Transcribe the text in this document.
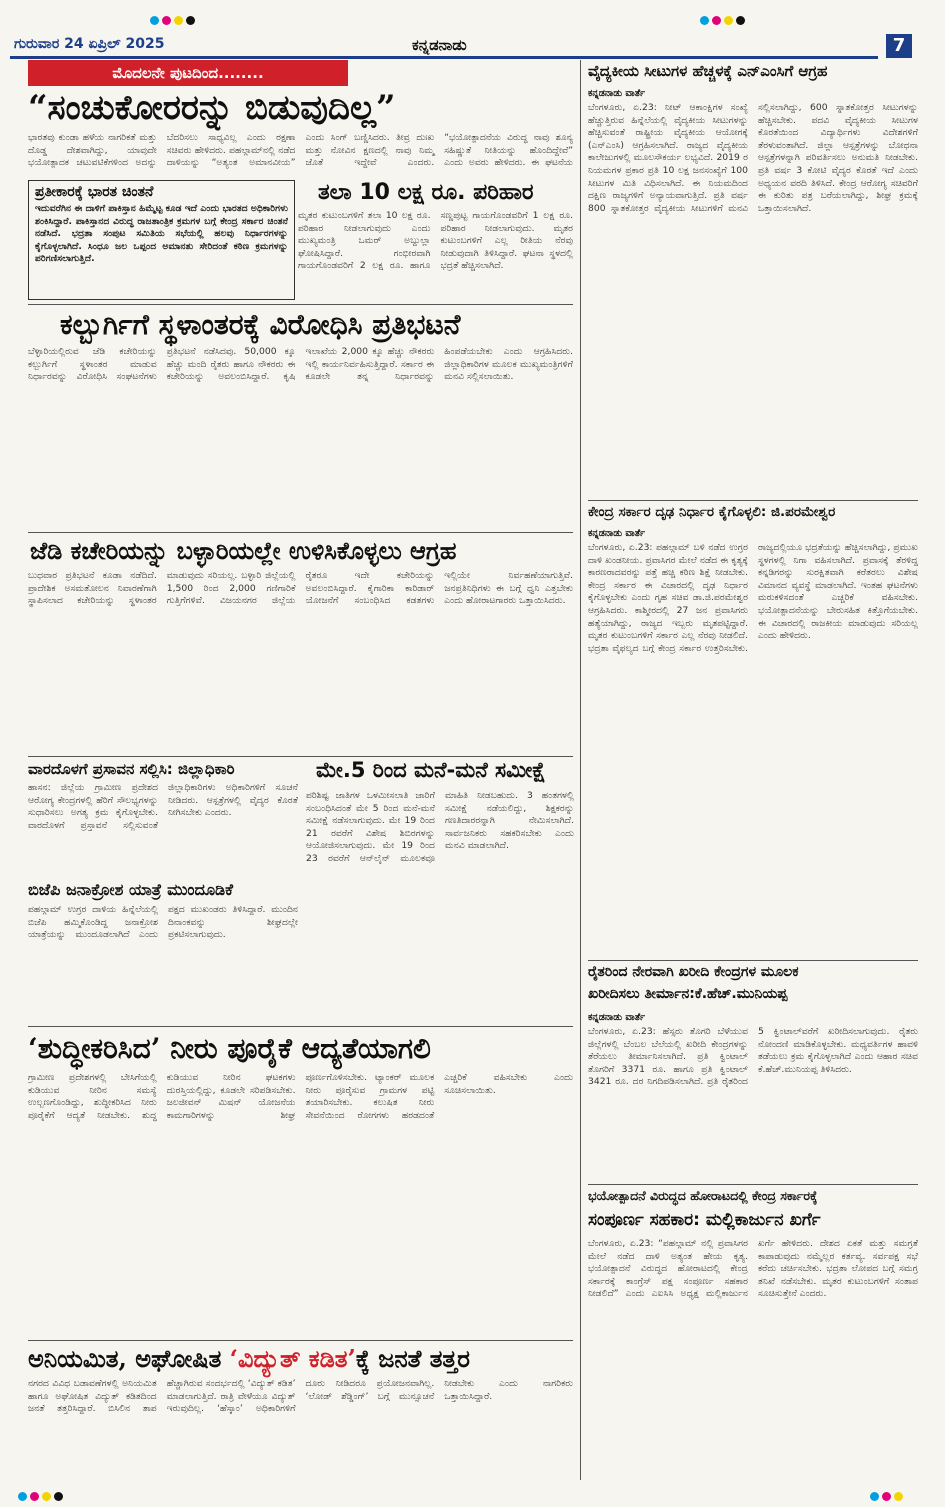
ಗುರುವಾರ 24 ಏಪ್ರಿಲ್ 2025	ಕನ್ನಡನಾಡು	7
ಮೊದಲನೇ ಪುಟದಿಂದ........
“ಸಂಚುಕೋರರನ್ನು ಬಿಡುವುದಿಲ್ಲ”
ಭಾರತವು ಕುಂಡಾ ಹಳೆಯ ನಾಗರಿಕತೆ ಮತ್ತು ದೊಡ್ಡ ದೇಶವಾಗಿದ್ದು, ಯಾವುದೇ ಭಯೋತ್ಪಾದಕ ಚಟುವಟಿಕೆಗಳಿಂದ ಅದನ್ನು ಬೆದರಿಸಲು ಸಾಧ್ಯವಿಲ್ಲ ಎಂದು ರಕ್ಷಣಾ ಸಚಿವರು ಹೇಳಿದರು. ಪಹಲ್ಗಾಮ್‌ನಲ್ಲಿ ನಡೆದ ದಾಳಿಯನ್ನು “ಅತ್ಯಂತ ಅಮಾನವೀಯ” ಎಂದು ಸಿಂಗ್ ಬಣ್ಣಿಸಿದರು. ತೀವ್ರ ದುಃಖ ಮತ್ತು ನೋವಿನ ಕ್ಷಣದಲ್ಲಿ ನಾವು ನಿಮ್ಮ ಜೊತೆ ಇದ್ದೇವೆ ಎಂದರು. “ಭಯೋತ್ಪಾದನೆಯ ವಿರುದ್ಧ ನಾವು ಶೂನ್ಯ ಸಹಿಷ್ಣುತೆ ನೀತಿಯನ್ನು ಹೊಂದಿದ್ದೇವೆ” ಎಂದು ಅವರು ಹೇಳಿದರು. ಈ ಘಟನೆಯ
ಪ್ರತೀಕಾರಕ್ಕೆ ಭಾರತ ಚಿಂತನೆ
ಇದುವರೆಗಿನ ಈ ದಾಳಿಗೆ ಪಾಕಿಸ್ತಾನ ಹಿಮ್ಮೆಟ್ಟ ಕೂಡ ಇದೆ ಎಂದು ಭಾರತದ ಅಧಿಕಾರಿಗಳು ಶಂಕಿಸಿದ್ದಾರೆ. ಪಾಕಿಸ್ತಾನದ ವಿರುದ್ಧ ರಾಜತಾಂತ್ರಿಕ ಕ್ರಮಗಳ ಬಗ್ಗೆ ಕೇಂದ್ರ ಸರ್ಕಾರ ಚಿಂತನೆ ನಡೆಸಿದೆ. ಭದ್ರತಾ ಸಂಪುಟ ಸಮಿತಿಯ ಸಭೆಯಲ್ಲಿ ಹಲವು ನಿರ್ಧಾರಗಳನ್ನು ಕೈಗೊಳ್ಳಲಾಗಿದೆ. ಸಿಂಧೂ ಜಲ ಒಪ್ಪಂದ ಅಮಾನತು ಸೇರಿದಂತೆ ಕಠಿಣ ಕ್ರಮಗಳನ್ನು ಪರಿಗಣಿಸಲಾಗುತ್ತಿದೆ.
ತಲಾ 10 ಲಕ್ಷ ರೂ. ಪರಿಹಾರ
ಮೃತರ ಕುಟುಂಬಗಳಿಗೆ ತಲಾ 10 ಲಕ್ಷ ರೂ. ಪರಿಹಾರ ನೀಡಲಾಗುವುದು ಎಂದು ಮುಖ್ಯಮಂತ್ರಿ ಒಮರ್ ಅಬ್ದುಲ್ಲಾ ಘೋಷಿಸಿದ್ದಾರೆ. ಗಂಭೀರವಾಗಿ ಗಾಯಗೊಂಡವರಿಗೆ 2 ಲಕ್ಷ ರೂ. ಹಾಗೂ ಸಣ್ಣಪುಟ್ಟ ಗಾಯಗೊಂಡವರಿಗೆ 1 ಲಕ್ಷ ರೂ. ಪರಿಹಾರ ನೀಡಲಾಗುವುದು. ಮೃತರ ಕುಟುಂಬಗಳಿಗೆ ಎಲ್ಲ ರೀತಿಯ ನೆರವು ನೀಡುವುದಾಗಿ ತಿಳಿಸಿದ್ದಾರೆ. ಘಟನಾ ಸ್ಥಳದಲ್ಲಿ ಭದ್ರತೆ ಹೆಚ್ಚಿಸಲಾಗಿದೆ.
ಕಲ್ಬುರ್ಗಿಗೆ ಸ್ಥಳಾಂತರಕ್ಕೆ ವಿರೋಧಿಸಿ ಪ್ರತಿಭಟನೆ
ಬೆಳ್ಳಾರಿಯಲ್ಲಿರುವ ಜೆಡಿ ಕಚೇರಿಯನ್ನು ಕಲ್ಬುರ್ಗಿಗೆ ಸ್ಥಳಾಂತರ ಮಾಡುವ ನಿರ್ಧಾರವನ್ನು ವಿರೋಧಿಸಿ ಸಂಘಟನೆಗಳು ಪ್ರತಿಭಟನೆ ನಡೆಸಿದವು. 50,000 ಕ್ಕೂ ಹೆಚ್ಚು ಮಂದಿ ರೈತರು ಹಾಗೂ ನೌಕರರು ಈ ಕಚೇರಿಯನ್ನು ಅವಲಂಬಿಸಿದ್ದಾರೆ. ಕೃಷಿ ಇಲಾಖೆಯ 2,000 ಕ್ಕೂ ಹೆಚ್ಚು ನೌಕರರು ಇಲ್ಲಿ ಕಾರ್ಯನಿರ್ವಹಿಸುತ್ತಿದ್ದಾರೆ. ಸರ್ಕಾರ ಈ ಕೂಡಲೇ ತನ್ನ ನಿರ್ಧಾರವನ್ನು ಹಿಂಪಡೆಯಬೇಕು ಎಂದು ಆಗ್ರಹಿಸಿದರು. ಜಿಲ್ಲಾಧಿಕಾರಿಗಳ ಮೂಲಕ ಮುಖ್ಯಮಂತ್ರಿಗಳಿಗೆ ಮನವಿ ಸಲ್ಲಿಸಲಾಯಿತು.
ಜೆಡಿ ಕಚೇರಿಯನ್ನು ಬಳ್ಳಾರಿಯಲ್ಲೇ ಉಳಿಸಿಕೊಳ್ಳಲು ಆಗ್ರಹ
ಬುಧವಾರ ಪ್ರತಿಭಟನೆ ಕೂಡಾ ನಡೆದಿದೆ. ಪ್ರಾದೇಶಿಕ ಅಸಮತೋಲನ ನಿವಾರಣೆಗಾಗಿ ಸ್ಥಾಪಿಸಲಾದ ಕಚೇರಿಯನ್ನು ಸ್ಥಳಾಂತರ ಮಾಡುವುದು ಸರಿಯಲ್ಲ. ಬಳ್ಳಾರಿ ಜಿಲ್ಲೆಯಲ್ಲಿ 1,500 ರಿಂದ 2,000 ಗಣಿಗಾರಿಕೆ ಗುತ್ತಿಗೆಗಳಿವೆ. ವಿಜಯನಗರ ಜಿಲ್ಲೆಯ ರೈತರೂ ಇದೇ ಕಚೇರಿಯನ್ನು ಅವಲಂಬಿಸಿದ್ದಾರೆ. ಕೈಗಾರಿಕಾ ಕಾರಿಡಾರ್ ಯೋಜನೆಗೆ ಸಂಬಂಧಿಸಿದ ಕಡತಗಳು ಇಲ್ಲಿಯೇ ನಿರ್ವಹಣೆಯಾಗುತ್ತಿವೆ. ಜನಪ್ರತಿನಿಧಿಗಳು ಈ ಬಗ್ಗೆ ಧ್ವನಿ ಎತ್ತಬೇಕು ಎಂದು ಹೋರಾಟಗಾರರು ಒತ್ತಾಯಿಸಿದರು.
ವಾರದೊಳಗೆ ಪ್ರಸಾವನ ಸಲ್ಲಿಸಿ: ಜಿಲ್ಲಾಧಿಕಾರಿ
ಹಾಸನ: ಜಿಲ್ಲೆಯ ಗ್ರಾಮೀಣ ಪ್ರದೇಶದ ಆರೋಗ್ಯ ಕೇಂದ್ರಗಳಲ್ಲಿ ಹೆರಿಗೆ ಸೌಲಭ್ಯಗಳನ್ನು ಸುಧಾರಿಸಲು ಅಗತ್ಯ ಕ್ರಮ ಕೈಗೊಳ್ಳಬೇಕು. ವಾರದೊಳಗೆ ಪ್ರಸ್ತಾವನೆ ಸಲ್ಲಿಸುವಂತೆ ಜಿಲ್ಲಾಧಿಕಾರಿಗಳು ಅಧಿಕಾರಿಗಳಿಗೆ ಸೂಚನೆ ನೀಡಿದರು. ಆಸ್ಪತ್ರೆಗಳಲ್ಲಿ ವೈದ್ಯರ ಕೊರತೆ ನೀಗಿಸಬೇಕು ಎಂದರು.
ಬಿಜೆಪಿ ಜನಾಕ್ರೋಶ ಯಾತ್ರೆ ಮುಂದೂಡಿಕೆ
ಪಹಲ್ಗಾಮ್ ಉಗ್ರರ ದಾಳಿಯ ಹಿನ್ನೆಲೆಯಲ್ಲಿ ಬಿಜೆಪಿ ಹಮ್ಮಿಕೊಂಡಿದ್ದ ಜನಾಕ್ರೋಶ ಯಾತ್ರೆಯನ್ನು ಮುಂದೂಡಲಾಗಿದೆ ಎಂದು ಪಕ್ಷದ ಮುಖಂಡರು ತಿಳಿಸಿದ್ದಾರೆ. ಮುಂದಿನ ದಿನಾಂಕವನ್ನು ಶೀಘ್ರದಲ್ಲೇ ಪ್ರಕಟಿಸಲಾಗುವುದು.
ಮೇ.5 ರಿಂದ ಮನೆ-ಮನೆ ಸಮೀಕ್ಷೆ
ಪರಿಶಿಷ್ಟ ಜಾತಿಗಳ ಒಳಮೀಸಲಾತಿ ಜಾರಿಗೆ ಸಂಬಂಧಿಸಿದಂತೆ ಮೇ 5 ರಿಂದ ಮನೆ-ಮನೆ ಸಮೀಕ್ಷೆ ನಡೆಸಲಾಗುವುದು. ಮೇ 19 ರಿಂದ 21 ರವರೆಗೆ ವಿಶೇಷ ಶಿಬಿರಗಳನ್ನು ಆಯೋಜಿಸಲಾಗುವುದು. ಮೇ 19 ರಿಂದ 23 ರವರೆಗೆ ಆನ್‌ಲೈನ್ ಮೂಲಕವೂ ಮಾಹಿತಿ ನೀಡಬಹುದು. 3 ಹಂತಗಳಲ್ಲಿ ಸಮೀಕ್ಷೆ ನಡೆಯಲಿದ್ದು, ಶಿಕ್ಷಕರನ್ನು ಗಣತಿದಾರರನ್ನಾಗಿ ನೇಮಿಸಲಾಗಿದೆ. ಸಾರ್ವಜನಿಕರು ಸಹಕರಿಸಬೇಕು ಎಂದು ಮನವಿ ಮಾಡಲಾಗಿದೆ.
‘ಶುದ್ಧೀಕರಿಸಿದ’ ನೀರು ಪೂರೈಕೆ ಆದ್ಯತೆಯಾಗಲಿ
ಗ್ರಾಮೀಣ ಪ್ರದೇಶಗಳಲ್ಲಿ ಬೇಸಿಗೆಯಲ್ಲಿ ಕುಡಿಯುವ ನೀರಿನ ಸಮಸ್ಯೆ ಉಲ್ಬಣಗೊಂಡಿದ್ದು, ಶುದ್ಧೀಕರಿಸಿದ ನೀರು ಪೂರೈಕೆಗೆ ಆದ್ಯತೆ ನೀಡಬೇಕು. ಶುದ್ಧ ಕುಡಿಯುವ ನೀರಿನ ಘಟಕಗಳು ದುರಸ್ತಿಯಲ್ಲಿದ್ದು, ಕೂಡಲೇ ಸರಿಪಡಿಸಬೇಕು. ಜಲಜೀವನ್ ಮಿಷನ್ ಯೋಜನೆಯ ಕಾಮಗಾರಿಗಳನ್ನು ಶೀಘ್ರ ಪೂರ್ಣಗೊಳಿಸಬೇಕು. ಟ್ಯಾಂಕರ್ ಮೂಲಕ ನೀರು ಪೂರೈಸುವ ಗ್ರಾಮಗಳ ಪಟ್ಟಿ ತಯಾರಿಸಬೇಕು. ಕಲುಷಿತ ನೀರು ಸೇವನೆಯಿಂದ ರೋಗಗಳು ಹರಡದಂತೆ ಎಚ್ಚರಿಕೆ ವಹಿಸಬೇಕು ಎಂದು ಸೂಚಿಸಲಾಯಿತು.
ಅನಿಯಮಿತ, ಅಘೋಷಿತ ‘ವಿದ್ಯುತ್ ಕಡಿತ’ಕ್ಕೆ ಜನತೆ ತತ್ತರ
ನಗರದ ವಿವಿಧ ಬಡಾವಣೆಗಳಲ್ಲಿ ಅನಿಯಮಿತ ಹಾಗೂ ಅಘೋಷಿತ ವಿದ್ಯುತ್ ಕಡಿತದಿಂದ ಜನತೆ ತತ್ತರಿಸಿದ್ದಾರೆ. ಬಿಸಿಲಿನ ತಾಪ ಹೆಚ್ಚಾಗಿರುವ ಸಂದರ್ಭದಲ್ಲಿ ‘ವಿದ್ಯುತ್ ಕಡಿತ’ ಮಾಡಲಾಗುತ್ತಿದೆ. ರಾತ್ರಿ ವೇಳೆಯೂ ವಿದ್ಯುತ್ ಇರುವುದಿಲ್ಲ. ‘ಹೆಸ್ಕಾಂ’ ಅಧಿಕಾರಿಗಳಿಗೆ ದೂರು ನೀಡಿದರೂ ಪ್ರಯೋಜನವಾಗಿಲ್ಲ. ‘ಲೋಡ್ ಶೆಡ್ಡಿಂಗ್’ ಬಗ್ಗೆ ಮುನ್ಸೂಚನೆ ನೀಡಬೇಕು ಎಂದು ನಾಗರಿಕರು ಒತ್ತಾಯಿಸಿದ್ದಾರೆ.
ವೈದ್ಯಕೀಯ ಸೀಟುಗಳ ಹೆಚ್ಚಳಕ್ಕೆ ಎನ್‌ಎಂಸಿಗೆ ಆಗ್ರಹ
ಕನ್ನಡನಾಡು ವಾರ್ತೆ
ಬೆಂಗಳೂರು, ಏ.23: ನೀಟ್ ಆಕಾಂಕ್ಷಿಗಳ ಸಂಖ್ಯೆ ಹೆಚ್ಚುತ್ತಿರುವ ಹಿನ್ನೆಲೆಯಲ್ಲಿ ವೈದ್ಯಕೀಯ ಸೀಟುಗಳನ್ನು ಹೆಚ್ಚಿಸುವಂತೆ ರಾಷ್ಟ್ರೀಯ ವೈದ್ಯಕೀಯ ಆಯೋಗಕ್ಕೆ (ಎನ್‌ಎಂಸಿ) ಆಗ್ರಹಿಸಲಾಗಿದೆ. ರಾಜ್ಯದ ವೈದ್ಯಕೀಯ ಕಾಲೇಜುಗಳಲ್ಲಿ ಮೂಲಸೌಕರ್ಯ ಲಭ್ಯವಿದೆ. 2019 ರ ನಿಯಮಗಳ ಪ್ರಕಾರ ಪ್ರತಿ 10 ಲಕ್ಷ ಜನಸಂಖ್ಯೆಗೆ 100 ಸೀಟುಗಳ ಮಿತಿ ವಿಧಿಸಲಾಗಿದೆ. ಈ ನಿಯಮದಿಂದ ದಕ್ಷಿಣ ರಾಜ್ಯಗಳಿಗೆ ಅನ್ಯಾಯವಾಗುತ್ತಿದೆ. ಪ್ರತಿ ವರ್ಷ 800 ಸ್ನಾತಕೋತ್ತರ ವೈದ್ಯಕೀಯ ಸೀಟುಗಳಿಗೆ ಮನವಿ ಸಲ್ಲಿಸಲಾಗಿದ್ದು, 600 ಸ್ನಾತಕೋತ್ತರ ಸೀಟುಗಳನ್ನು ಹೆಚ್ಚಿಸಬೇಕು. ಪದವಿ ವೈದ್ಯಕೀಯ ಸೀಟುಗಳ ಕೊರತೆಯಿಂದ ವಿದ್ಯಾರ್ಥಿಗಳು ವಿದೇಶಗಳಿಗೆ ತೆರಳುವಂತಾಗಿದೆ. ಜಿಲ್ಲಾ ಆಸ್ಪತ್ರೆಗಳನ್ನು ಬೋಧನಾ ಆಸ್ಪತ್ರೆಗಳನ್ನಾಗಿ ಪರಿವರ್ತಿಸಲು ಅನುಮತಿ ನೀಡಬೇಕು. ಪ್ರತಿ ವರ್ಷ 3 ಕೋಟಿ ವೈದ್ಯರ ಕೊರತೆ ಇದೆ ಎಂದು ಅಧ್ಯಯನ ವರದಿ ತಿಳಿಸಿದೆ. ಕೇಂದ್ರ ಆರೋಗ್ಯ ಸಚಿವರಿಗೆ ಈ ಕುರಿತು ಪತ್ರ ಬರೆಯಲಾಗಿದ್ದು, ಶೀಘ್ರ ಕ್ರಮಕ್ಕೆ ಒತ್ತಾಯಿಸಲಾಗಿದೆ.
ಕೇಂದ್ರ ಸರ್ಕಾರ ದೃಢ ನಿರ್ಧಾರ ಕೈಗೊಳ್ಳಲಿ: ಜಿ.ಪರಮೇಶ್ವರ
ಕನ್ನಡನಾಡು ವಾರ್ತೆ
ಬೆಂಗಳೂರು, ಏ.23: ಪಹಲ್ಗಾಮ್ ಬಳಿ ನಡೆದ ಉಗ್ರರ ದಾಳಿ ಖಂಡನೀಯ. ಪ್ರವಾಸಿಗರ ಮೇಲೆ ನಡೆದ ಈ ಕೃತ್ಯಕ್ಕೆ ಕಾರಣರಾದವರನ್ನು ಪತ್ತೆ ಹಚ್ಚಿ ಕಠಿಣ ಶಿಕ್ಷೆ ನೀಡಬೇಕು. ಕೇಂದ್ರ ಸರ್ಕಾರ ಈ ವಿಚಾರದಲ್ಲಿ ದೃಢ ನಿರ್ಧಾರ ಕೈಗೊಳ್ಳಬೇಕು ಎಂದು ಗೃಹ ಸಚಿವ ಡಾ.ಜಿ.ಪರಮೇಶ್ವರ ಆಗ್ರಹಿಸಿದರು. ಕಾಶ್ಮೀರದಲ್ಲಿ 27 ಜನ ಪ್ರವಾಸಿಗರು ಹತ್ಯೆಯಾಗಿದ್ದು, ರಾಜ್ಯದ ಇಬ್ಬರು ಮೃತಪಟ್ಟಿದ್ದಾರೆ. ಮೃತರ ಕುಟುಂಬಗಳಿಗೆ ಸರ್ಕಾರ ಎಲ್ಲ ನೆರವು ನೀಡಲಿದೆ. ಭದ್ರತಾ ವೈಫಲ್ಯದ ಬಗ್ಗೆ ಕೇಂದ್ರ ಸರ್ಕಾರ ಉತ್ತರಿಸಬೇಕು. ರಾಜ್ಯದಲ್ಲಿಯೂ ಭದ್ರತೆಯನ್ನು ಹೆಚ್ಚಿಸಲಾಗಿದ್ದು, ಪ್ರಮುಖ ಸ್ಥಳಗಳಲ್ಲಿ ನಿಗಾ ವಹಿಸಲಾಗಿದೆ. ಪ್ರವಾಸಕ್ಕೆ ತೆರಳಿದ್ದ ಕನ್ನಡಿಗರನ್ನು ಸುರಕ್ಷಿತವಾಗಿ ಕರೆತರಲು ವಿಶೇಷ ವಿಮಾನದ ವ್ಯವಸ್ಥೆ ಮಾಡಲಾಗಿದೆ. ಇಂತಹ ಘಟನೆಗಳು ಮರುಕಳಿಸದಂತೆ ಎಚ್ಚರಿಕೆ ವಹಿಸಬೇಕು. ಭಯೋತ್ಪಾದನೆಯನ್ನು ಬೇರುಸಹಿತ ಕಿತ್ತೊಗೆಯಬೇಕು. ಈ ವಿಚಾರದಲ್ಲಿ ರಾಜಕೀಯ ಮಾಡುವುದು ಸರಿಯಲ್ಲ ಎಂದು ಹೇಳಿದರು.
ರೈತರಿಂದ ನೇರವಾಗಿ ಖರೀದಿ ಕೇಂದ್ರಗಳ ಮೂಲಕ
ಖರೀದಿಸಲು ತೀರ್ಮಾನ:ಕೆ.ಹೆಚ್.ಮುನಿಯಪ್ಪ
ಕನ್ನಡನಾಡು ವಾರ್ತೆ
ಬೆಂಗಳೂರು, ಏ.23: ಹೆಸ್ಸರು ತೊಗರಿ ಬೆಳೆಯುವ ಜಿಲ್ಲೆಗಳಲ್ಲಿ ಬೆಂಬಲ ಬೆಲೆಯಲ್ಲಿ ಖರೀದಿ ಕೇಂದ್ರಗಳನ್ನು ತೆರೆಯಲು ತೀರ್ಮಾನಿಸಲಾಗಿದೆ. ಪ್ರತಿ ಕ್ವಿಂಟಾಲ್ ತೊಗರಿಗೆ 3371 ರೂ. ಹಾಗೂ ಪ್ರತಿ ಕ್ವಿಂಟಾಲ್ 3421 ರೂ. ದರ ನಿಗದಿಪಡಿಸಲಾಗಿದೆ. ಪ್ರತಿ ರೈತರಿಂದ 5 ಕ್ವಿಂಟಾಲ್‌ವರೆಗೆ ಖರೀದಿಸಲಾಗುವುದು. ರೈತರು ನೋಂದಣಿ ಮಾಡಿಕೊಳ್ಳಬೇಕು. ಮಧ್ಯವರ್ತಿಗಳ ಹಾವಳಿ ತಡೆಯಲು ಕ್ರಮ ಕೈಗೊಳ್ಳಲಾಗಿದೆ ಎಂದು ಆಹಾರ ಸಚಿವ ಕೆ.ಹೆಚ್.ಮುನಿಯಪ್ಪ ತಿಳಿಸಿದರು.
ಭಯೋತ್ಪಾದನೆ ವಿರುದ್ಧದ ಹೋರಾಟದಲ್ಲಿ ಕೇಂದ್ರ ಸರ್ಕಾರಕ್ಕೆ
ಸಂಪೂರ್ಣ ಸಹಕಾರ: ಮಲ್ಲಿಕಾರ್ಜುನ ಖರ್ಗೆ
ಬೆಂಗಳೂರು, ಏ.23: “ಪಹಲ್ಗಾಮ್ ನಲ್ಲಿ ಪ್ರವಾಸಿಗರ ಮೇಲೆ ನಡೆದ ದಾಳಿ ಅತ್ಯಂತ ಹೇಯ ಕೃತ್ಯ. ಭಯೋತ್ಪಾದನೆ ವಿರುದ್ಧದ ಹೋರಾಟದಲ್ಲಿ ಕೇಂದ್ರ ಸರ್ಕಾರಕ್ಕೆ ಕಾಂಗ್ರೆಸ್ ಪಕ್ಷ ಸಂಪೂರ್ಣ ಸಹಕಾರ ನೀಡಲಿದೆ” ಎಂದು ಎಐಸಿಸಿ ಅಧ್ಯಕ್ಷ ಮಲ್ಲಿಕಾರ್ಜುನ ಖರ್ಗೆ ಹೇಳಿದರು. ದೇಶದ ಏಕತೆ ಮತ್ತು ಸಮಗ್ರತೆ ಕಾಪಾಡುವುದು ನಮ್ಮೆಲ್ಲರ ಕರ್ತವ್ಯ. ಸರ್ವಪಕ್ಷ ಸಭೆ ಕರೆದು ಚರ್ಚಿಸಬೇಕು. ಭದ್ರತಾ ಲೋಪದ ಬಗ್ಗೆ ಸಮಗ್ರ ತನಿಖೆ ನಡೆಸಬೇಕು. ಮೃತರ ಕುಟುಂಬಗಳಿಗೆ ಸಂತಾಪ ಸೂಚಿಸುತ್ತೇನೆ ಎಂದರು.
